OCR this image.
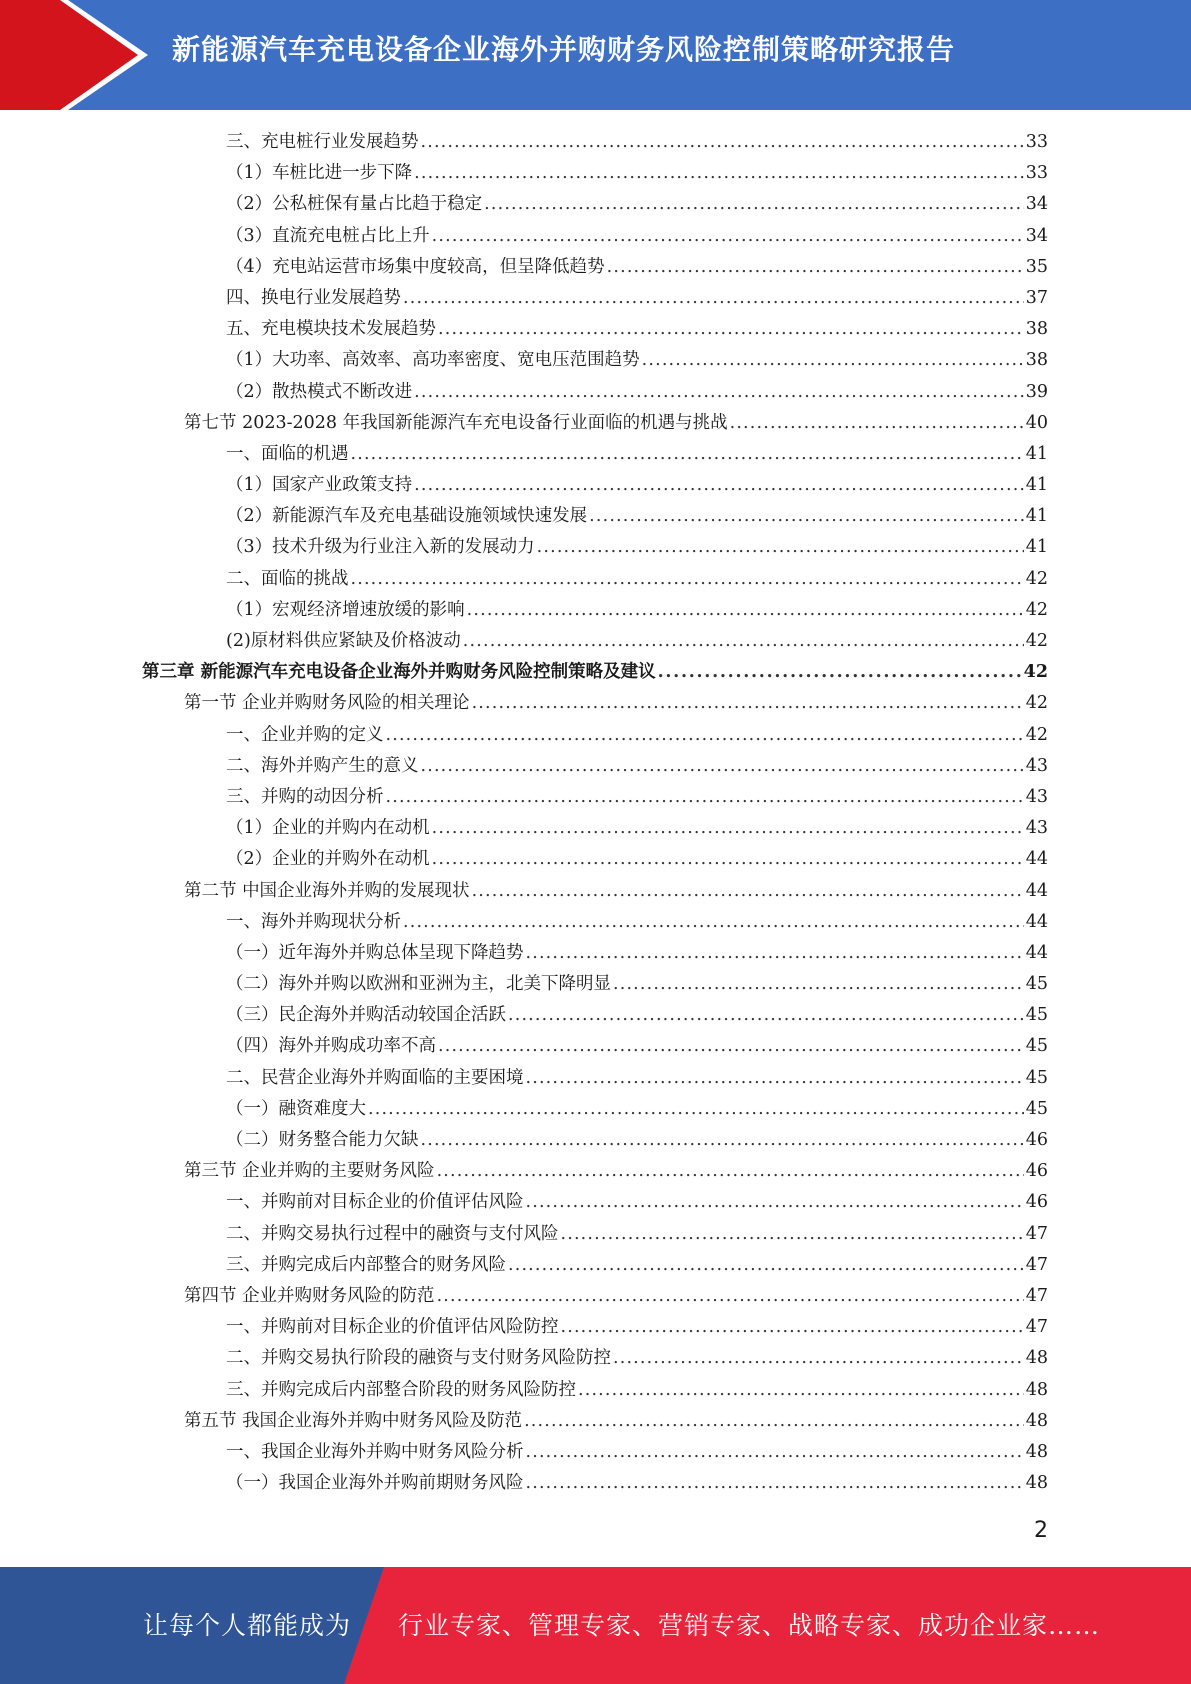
新能源汽车充电设备企业海外并购财务风险控制策略研究报告
三、充电桩行业发展趋势 . . .	33
（1）车桩比进一步下降 . . .	33
（2）公私桩保有量占比趋于稳定 . . .	34
（3）直流充电桩占比上升 . . .	34
（4）充电站运营市场集中度较高，但呈降低趋势 . . .	35
四、换电行业发展趋势 . . .	37
五、充电模块技术发展趋势 . . .	38
（1）大功率、高效率、高功率密度、宽电压范围趋势 . . .	38
（2）散热模式不断改进 . . .	39
第七节 2023-2028 年我国新能源汽车充电设备行业面临的机遇与挑战 . . .	40
一、面临的机遇 . . .	41
（1）国家产业政策支持 . . .	41
（2）新能源汽车及充电基础设施领域快速发展 . . .	41
（3）技术升级为行业注入新的发展动力 . . .	41
二、面临的挑战 . . .	42
（1）宏观经济增速放缓的影响 . . .	42
(2)原材料供应紧缺及价格波动 . . .	42
第三章 新能源汽车充电设备企业海外并购财务风险控制策略及建议 . . .	42
第一节 企业并购财务风险的相关理论 . . .	42
一、企业并购的定义 . . .	42
二、海外并购产生的意义 . . .	43
三、并购的动因分析 . . .	43
（1）企业的并购内在动机 . . .	43
（2）企业的并购外在动机 . . .	44
第二节 中国企业海外并购的发展现状 . . .	44
一、海外并购现状分析 . . .	44
（一）近年海外并购总体呈现下降趋势 . . .	44
（二）海外并购以欧洲和亚洲为主，北美下降明显 . . .	45
（三）民企海外并购活动较国企活跃 . . .	45
（四）海外并购成功率不高 . . .	45
二、民营企业海外并购面临的主要困境 . . .	45
（一）融资难度大 . . .	45
（二）财务整合能力欠缺 . . .	46
第三节 企业并购的主要财务风险 . . .	46
一、并购前对目标企业的价值评估风险 . . .	46
二、并购交易执行过程中的融资与支付风险 . . .	47
三、并购完成后内部整合的财务风险 . . .	47
第四节 企业并购财务风险的防范 . . .	47
一、并购前对目标企业的价值评估风险防控 . . .	47
二、并购交易执行阶段的融资与支付财务风险防控 . . .	48
三、并购完成后内部整合阶段的财务风险防控 . . .	48
第五节 我国企业海外并购中财务风险及防范 . . .	48
一、我国企业海外并购中财务风险分析 . . .	48
（一）我国企业海外并购前期财务风险 . . .	48
2
让每个人都能成为 行业专家、管理专家、营销专家、战略专家、成功企业家……
